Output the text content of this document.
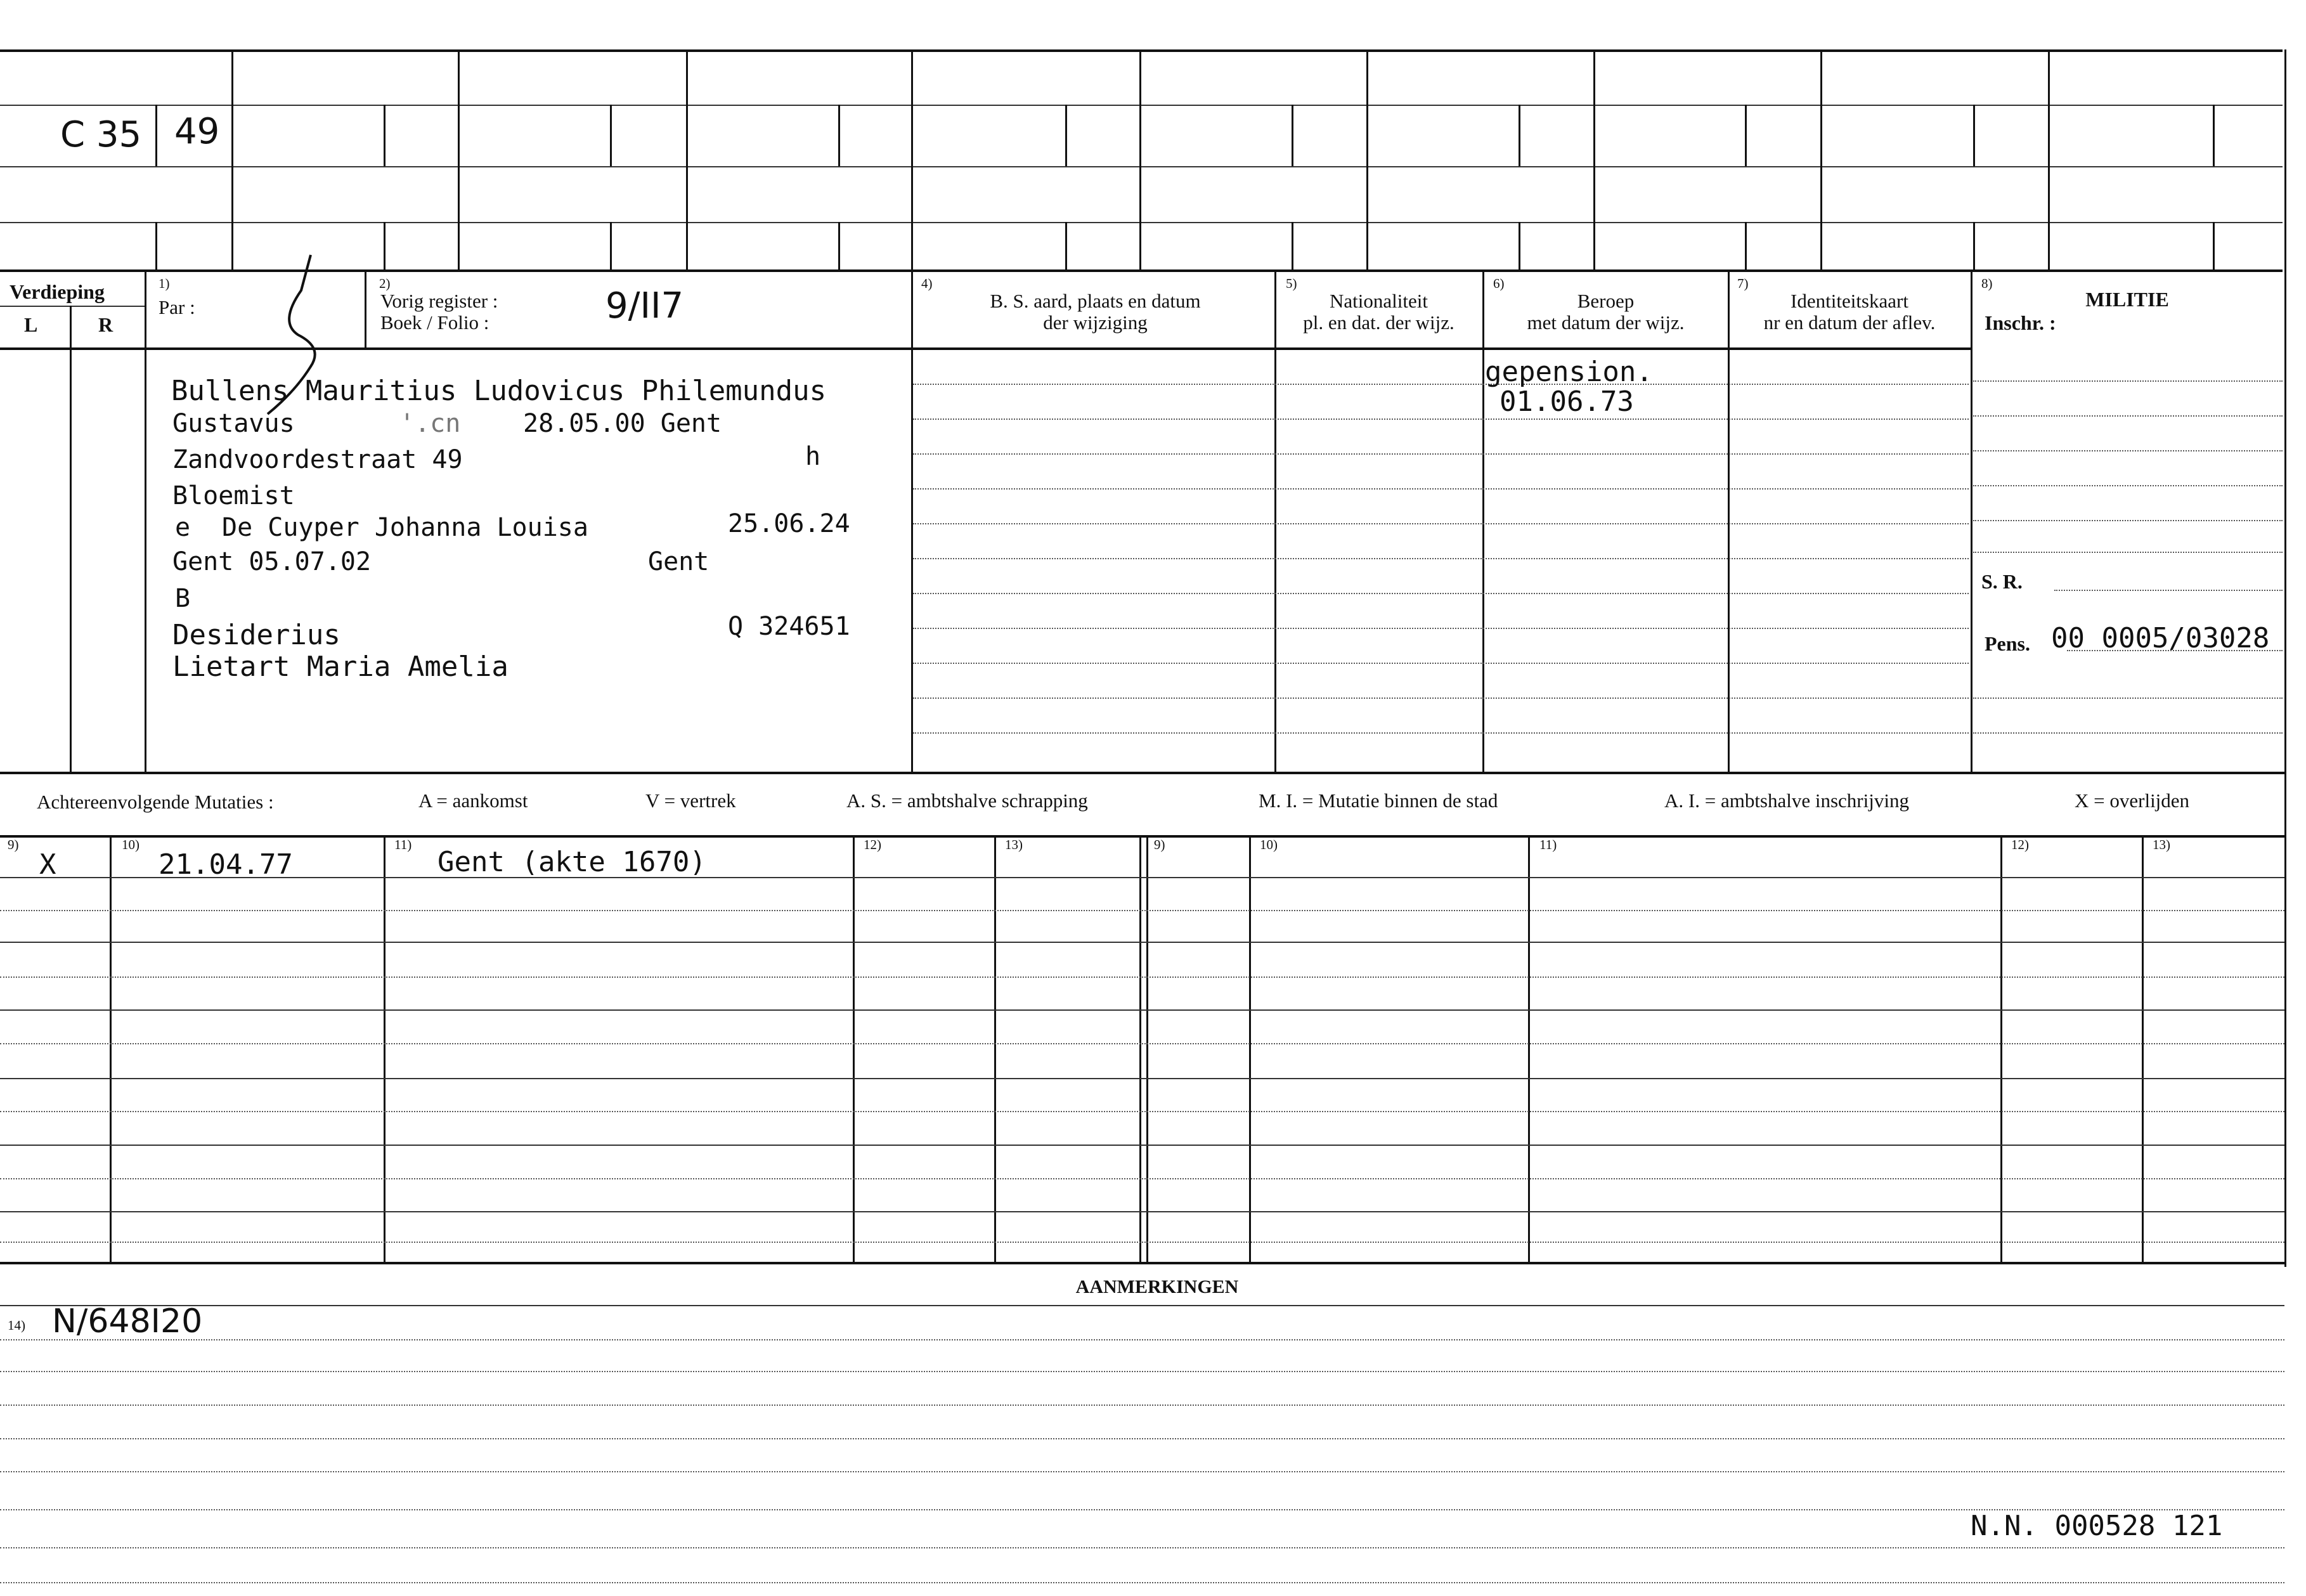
C 35 49
Verdieping
L	R
1)
Par :
2)
Vorig register :
Boek / Folio :	9/II7
4)
B. S. aard, plaats en datum
der wijziging
5)
Nationaliteit
pl. en dat. der wijz.
6)
Beroep
met datum der wijz.
7)
Identiteitskaart
nr en datum der aflev.
8)
MILITIE
Inschr. :
Bullens Mauritius Ludovicus Philemundus
Gustavus	'.cn 28.05.00 Gent
Zandvoordestraat 49	h
Bloemist
e De Cuyper Johanna Louisa	25.06.24
Gent 05.07.02	Gent
B
Desiderius	Q 324651
Lietart Maria Amelia
gepension.
01.06.73
S. R.
Pens. 00 0005/03028
Achtereenvolgende Mutaties :	A = aankomst	V = vertrek	A. S. = ambtshalve schrapping	M. I. = Mutatie binnen de stad	A. I. = ambtshalve inschrijving	X = overlijden
9)	10)	11)	12)	13)	9)	10)	11)	12)	13)
X	21.04.77	Gent (akte 1670)
AANMERKINGEN
14) N/648I20
N.N. 000528 121
